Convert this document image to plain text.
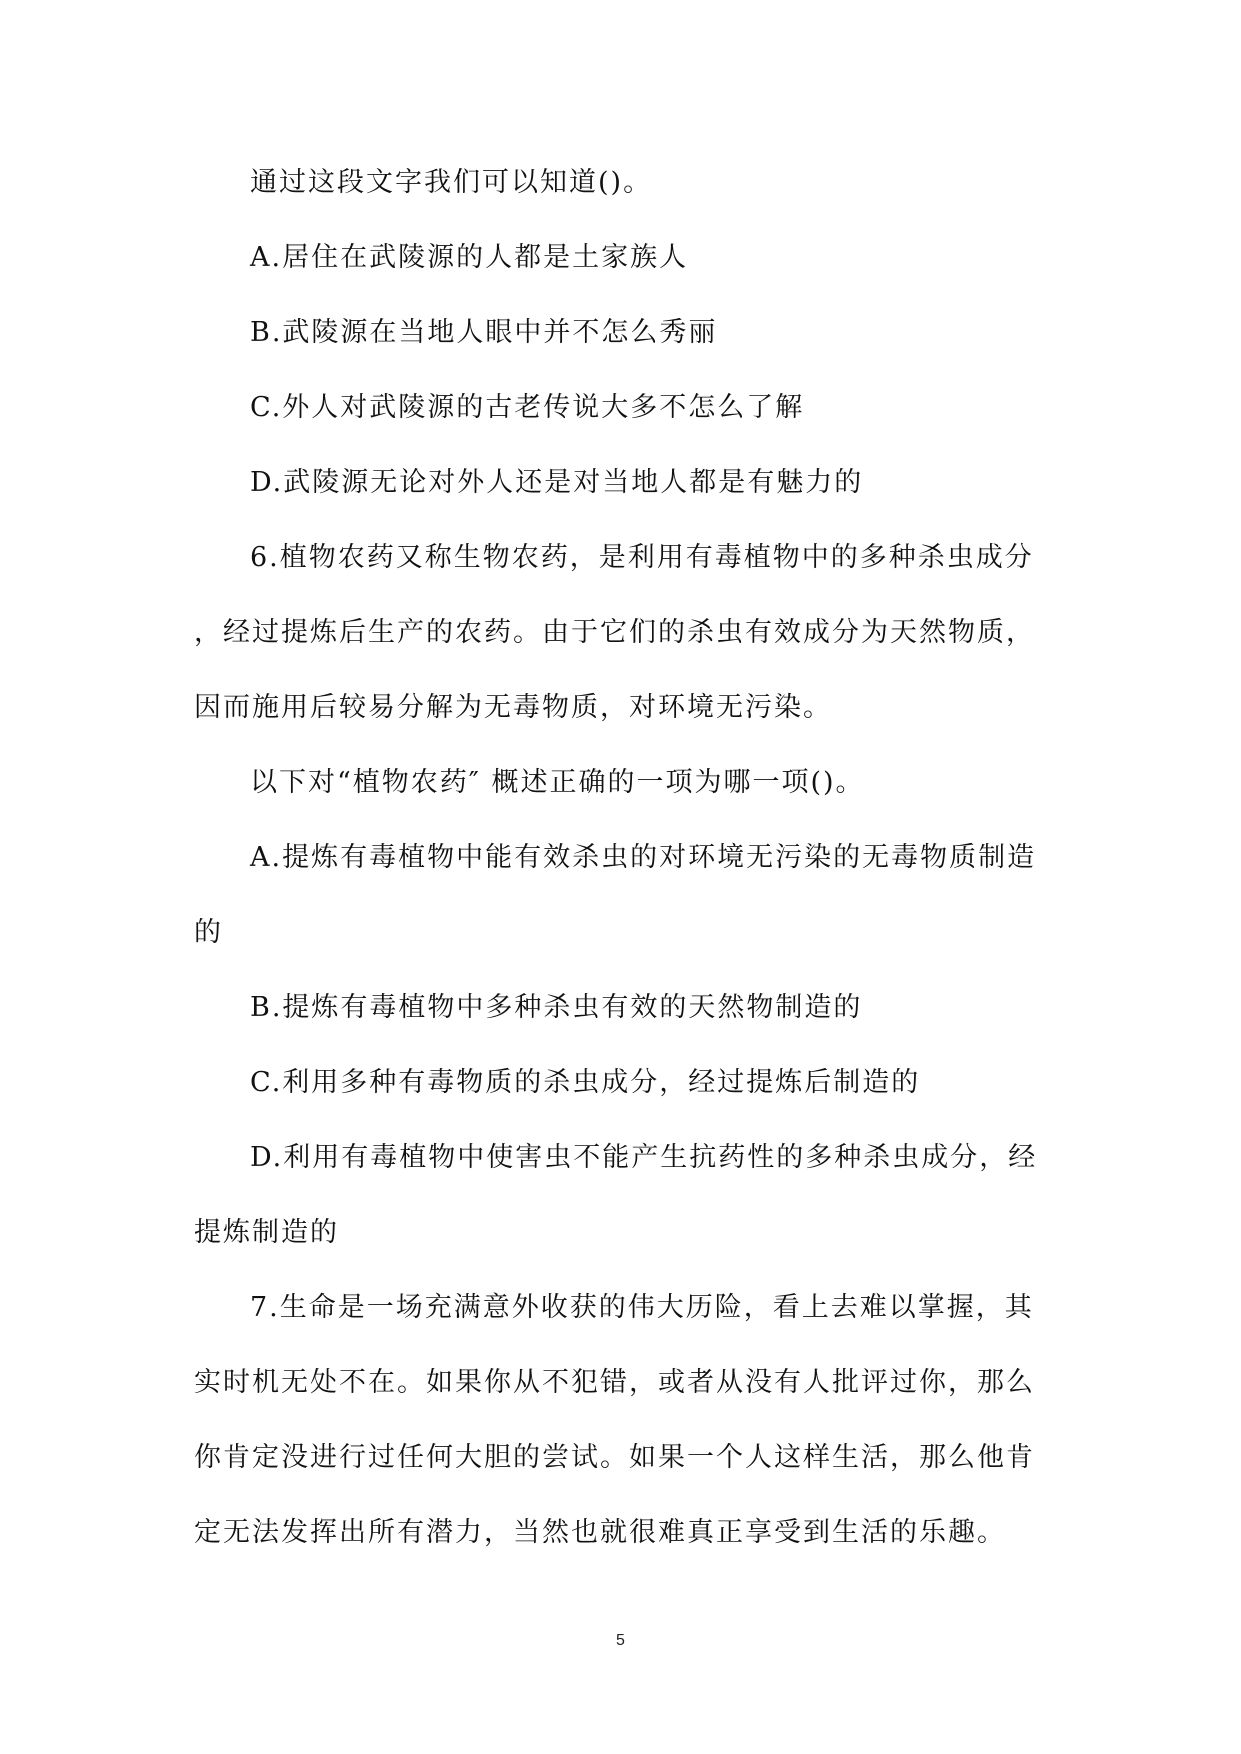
通过这段文字我们可以知道()。

A.居住在武陵源的人都是土家族人

B.武陵源在当地人眼中并不怎么秀丽

C.外人对武陵源的古老传说大多不怎么了解

D.武陵源无论对外人还是对当地人都是有魅力的

6.植物农药又称生物农药，是利用有毒植物中的多种杀虫成分

，经过提炼后生产的农药。由于它们的杀虫有效成分为天然物质，

因而施用后较易分解为无毒物质，对环境无污染。

以下对“植物农药″ 概述正确的一项为哪一项()。

A.提炼有毒植物中能有效杀虫的对环境无污染的无毒物质制造

的

B.提炼有毒植物中多种杀虫有效的天然物制造的

C.利用多种有毒物质的杀虫成分，经过提炼后制造的

D.利用有毒植物中使害虫不能产生抗药性的多种杀虫成分，经

提炼制造的

7.生命是一场充满意外收获的伟大历险，看上去难以掌握，其

实时机无处不在。如果你从不犯错，或者从没有人批评过你，那么

你肯定没进行过任何大胆的尝试。如果一个人这样生活，那么他肯

定无法发挥出所有潜力，当然也就很难真正享受到生活的乐趣。

5
